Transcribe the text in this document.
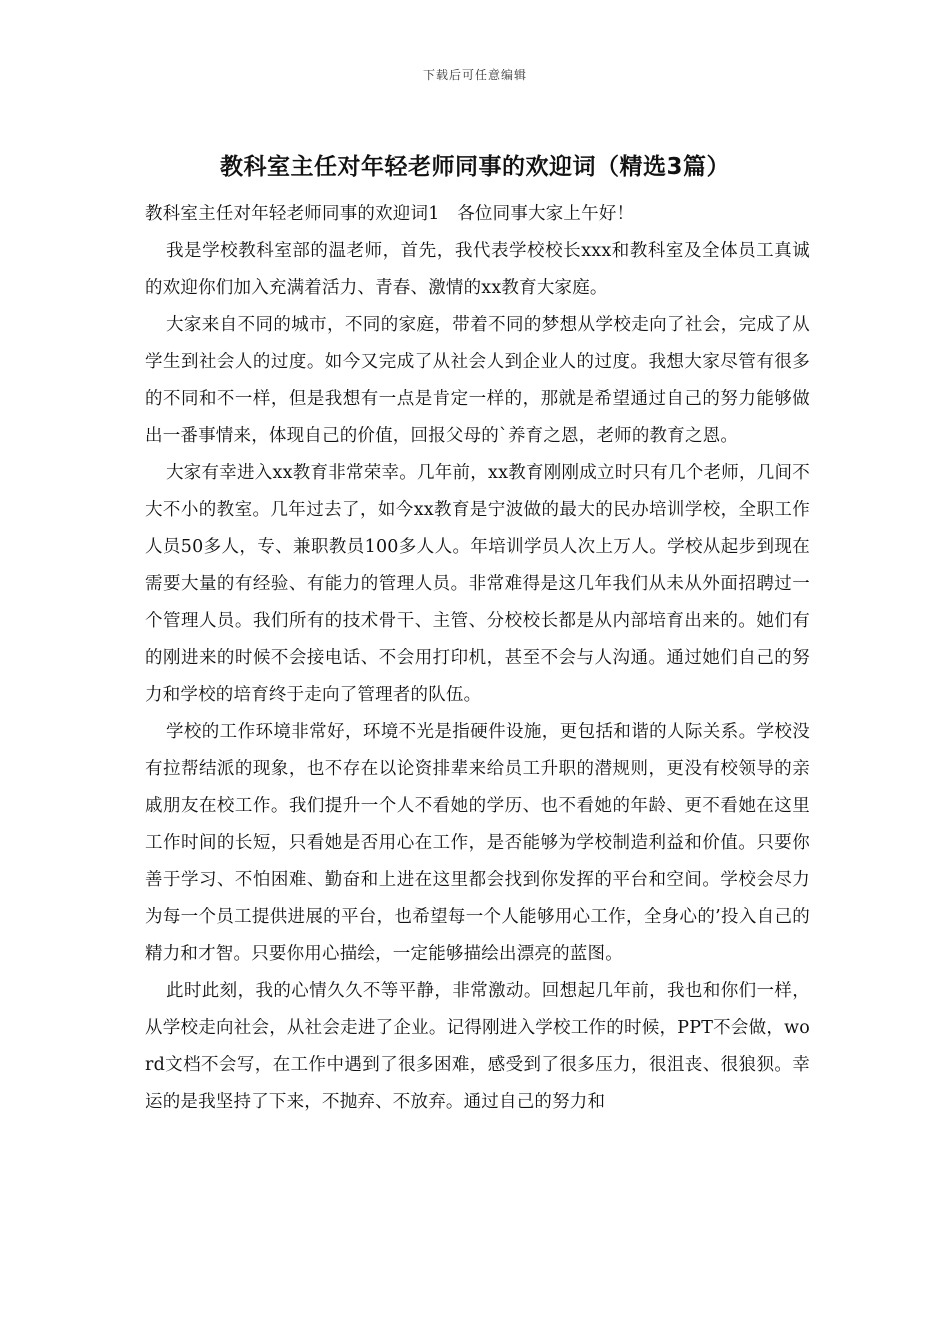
下载后可任意编辑
教科室主任对年轻老师同事的欢迎词（精选3篇）

教科室主任对年轻老师同事的欢迎词1　各位同事大家上午好！

我是学校教科室部的温老师，首先，我代表学校校长xxx和教科室及全体员工真诚的欢迎你们加入充满着活力、青春、激情的xx教育大家庭。

大家来自不同的城市，不同的家庭，带着不同的梦想从学校走向了社会，完成了从学生到社会人的过度。如今又完成了从社会人到企业人的过度。我想大家尽管有很多的不同和不一样，但是我想有一点是肯定一样的，那就是希望通过自己的努力能够做出一番事情来，体现自己的价值，回报父母的`养育之恩，老师的教育之恩。

大家有幸进入xx教育非常荣幸。几年前，xx教育刚刚成立时只有几个老师，几间不大不小的教室。几年过去了，如今xx教育是宁波做的最大的民办培训学校，全职工作人员50多人，专、兼职教员100多人人。年培训学员人次上万人。学校从起步到现在需要大量的有经验、有能力的管理人员。非常难得是这几年我们从未从外面招聘过一个管理人员。我们所有的技术骨干、主管、分校校长都是从内部培育出来的。她们有的刚进来的时候不会接电话、不会用打印机，甚至不会与人沟通。通过她们自己的努力和学校的培育终于走向了管理者的队伍。

学校的工作环境非常好，环境不光是指硬件设施，更包括和谐的人际关系。学校没有拉帮结派的现象，也不存在以论资排辈来给员工升职的潜规则，更没有校领导的亲戚朋友在校工作。我们提升一个人不看她的学历、也不看她的年龄、更不看她在这里工作时间的长短，只看她是否用心在工作，是否能够为学校制造利益和价值。只要你善于学习、不怕困难、勤奋和上进在这里都会找到你发挥的平台和空间。学校会尽力为每一个员工提供进展的平台，也希望每一个人能够用心工作，全身心的’投入自己的精力和才智。只要你用心描绘，一定能够描绘出漂亮的蓝图。

此时此刻，我的心情久久不等平静，非常激动。回想起几年前，我也和你们一样，从学校走向社会，从社会走进了企业。记得刚进入学校工作的时候，PPT不会做，word文档不会写，在工作中遇到了很多困难，感受到了很多压力，很沮丧、很狼狈。幸运的是我坚持了下来，不抛弃、不放弃。通过自己的努力和
